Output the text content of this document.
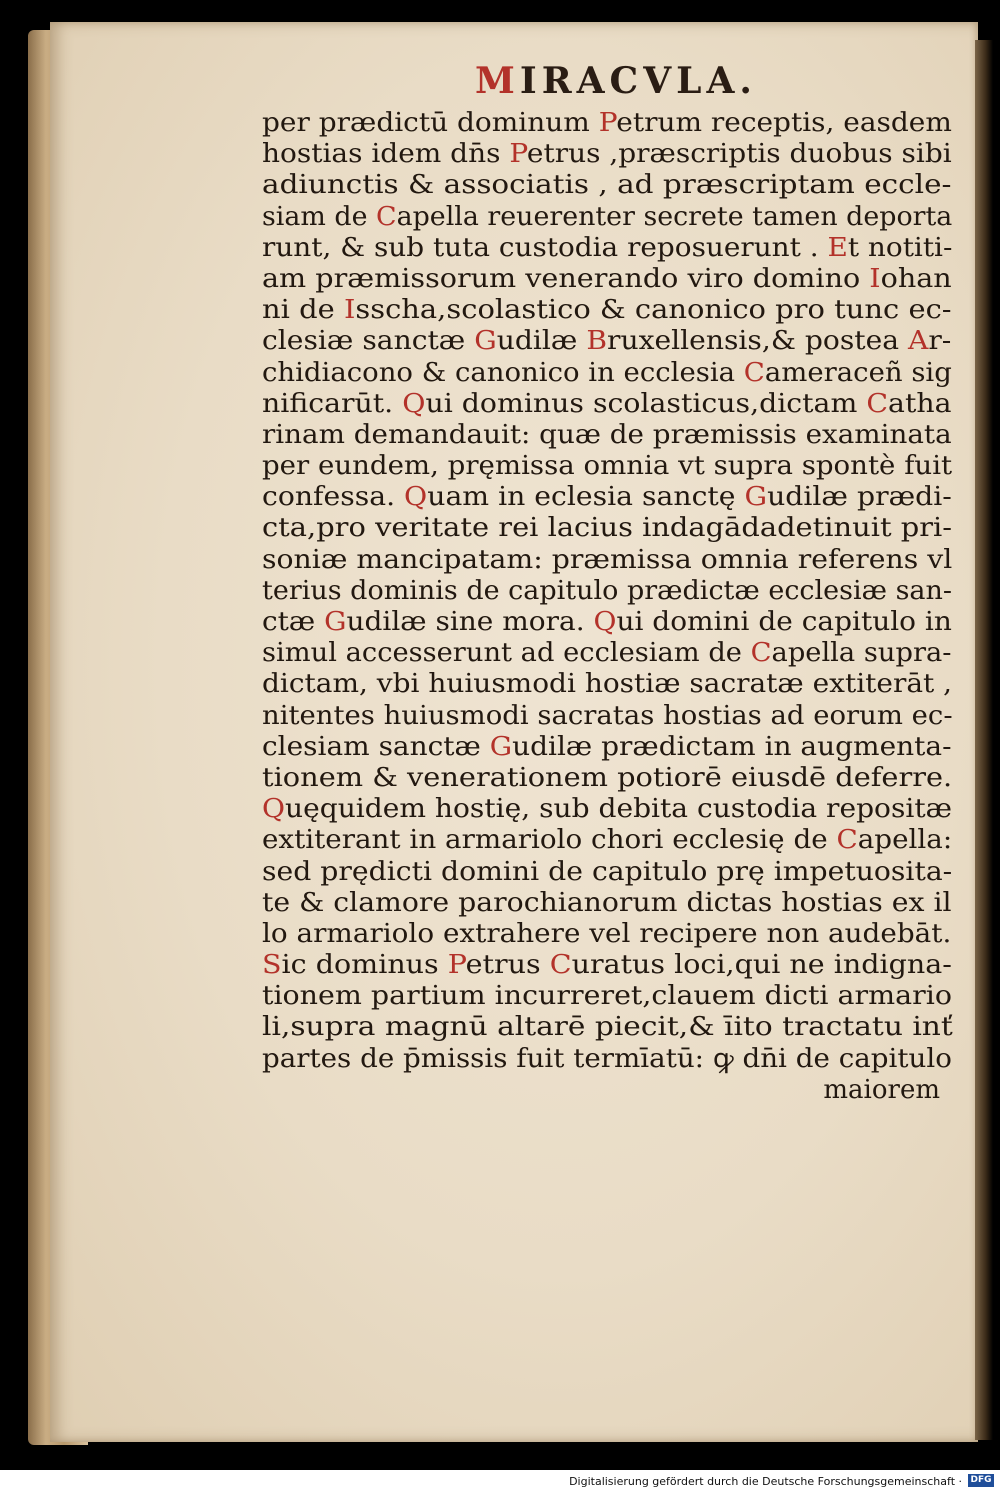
MIRACVLA.
per prædictū dominum Petrum receptis, easdem
hostias idem dn̄s Petrus ,præscriptis duobus sibi
adiunctis & associatis , ad præscriptam eccle-
siam de Capella reuerenter secrete tamen deporta
runt, & sub tuta custodia reposuerunt . Et notiti-
am præmissorum venerando viro domino Iohan
ni de Isscha,scolastico & canonico pro tunc ec-
clesiæ sanctæ Gudilæ Bruxellensis,& postea Ar-
chidiacono & canonico in ecclesia Cameraceñ sig
nificarūt. Qui dominus scolasticus,dictam Catha
rinam demandauit: quæ de præmissis examinata
per eundem, pręmissa omnia vt supra spontè fuit
confessa. Quam in eclesia sanctę Gudilæ prædi-
cta,pro veritate rei lacius indagādadetinuit pri-
soniæ mancipatam: præmissa omnia referens vl
terius dominis de capitulo prædictæ ecclesiæ san-
ctæ Gudilæ sine mora. Qui domini de capitulo in
simul accesserunt ad ecclesiam de Capella supra-
dictam, vbi huiusmodi hostiæ sacratæ extiterāt ,
nitentes huiusmodi sacratas hostias ad eorum ec-
clesiam sanctæ Gudilæ prædictam in augmenta-
tionem & venerationem potiorē eiusdē deferre.
Quęquidem hostię, sub debita custodia repositæ
extiterant in armariolo chori ecclesię de Capella:
sed prędicti domini de capitulo prę impetuosita-
te & clamore parochianorum dictas hostias ex il
lo armariolo extrahere vel recipere non audebāt.
Sic dominus Petrus Curatus loci,qui ne indigna-
tionem partium incurreret,clauem dicti armario
li,supra magnū altarē piecit,& īito tractatu inť
partes de p̄missis fuit termīatū: ꝙ dn̄i de capitulo
maiorem
Digitalisierung gefördert durch die Deutsche Forschungsgemeinschaft · DFG
